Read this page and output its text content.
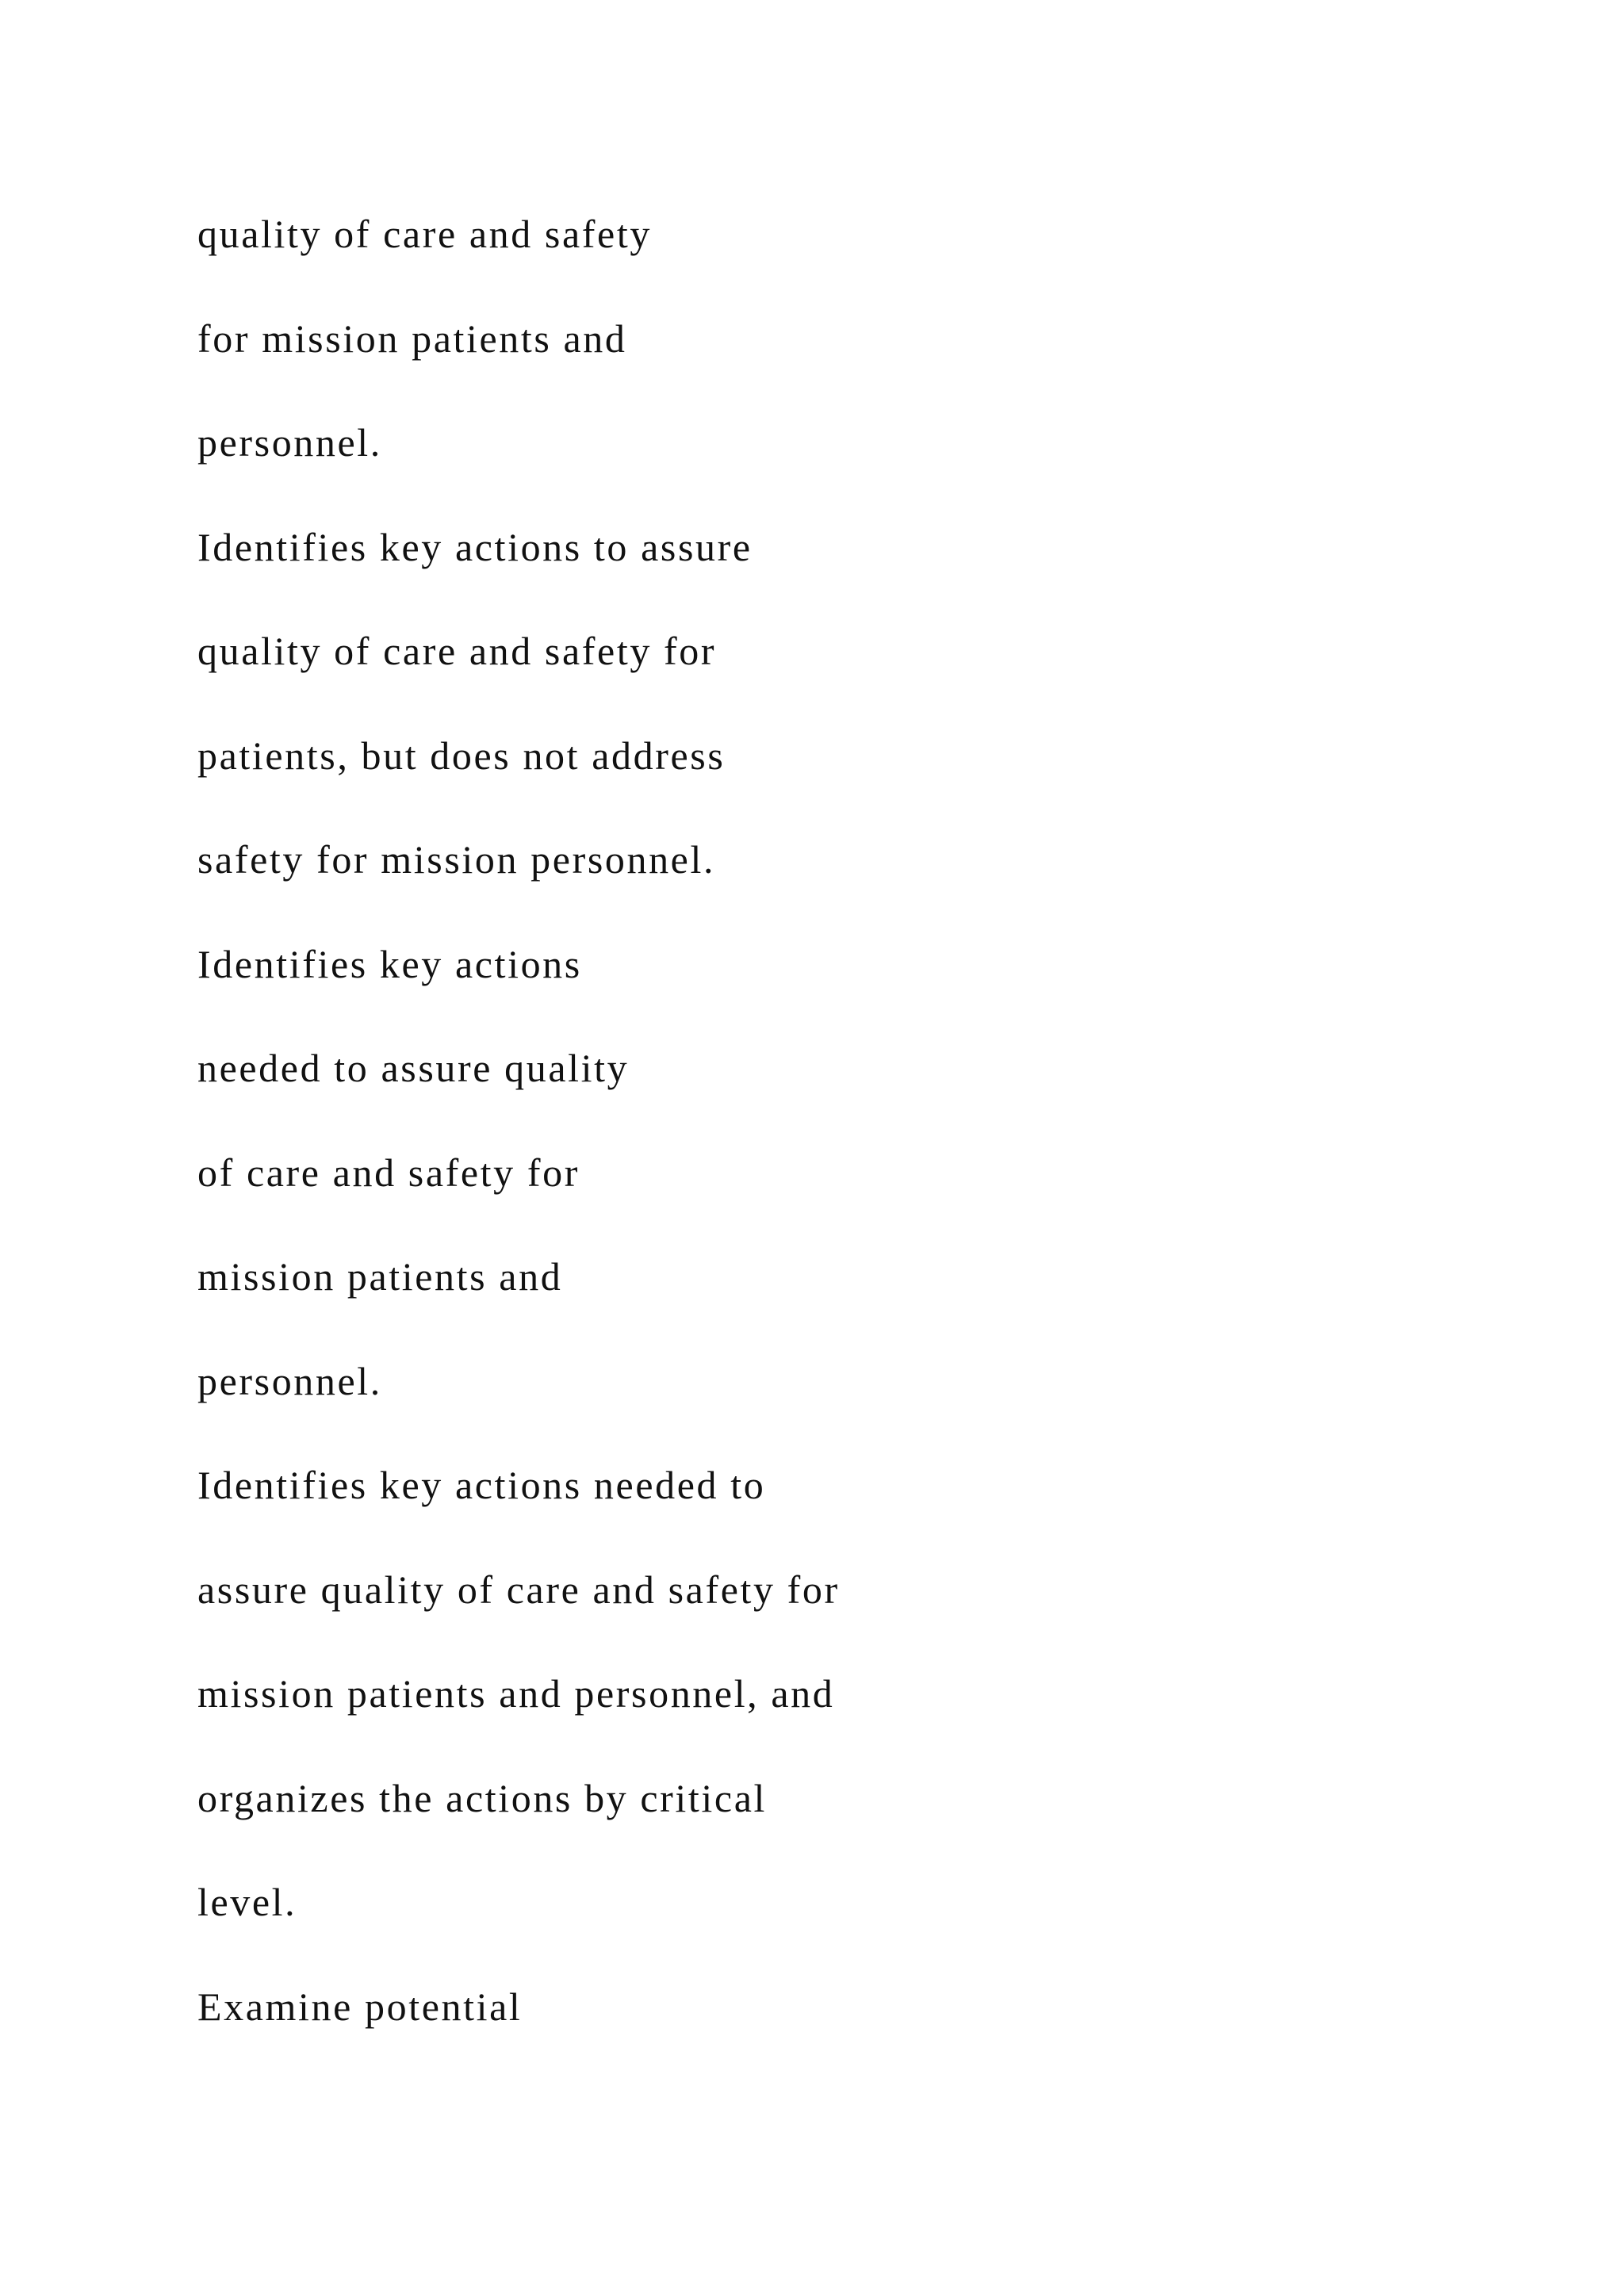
quality of care and safety

for mission patients and

personnel.

Identifies key actions to assure

quality of care and safety for

patients, but does not address

safety for mission personnel.

Identifies key actions

needed to assure quality

of care and safety for

mission patients and

personnel.

Identifies key actions needed to

assure quality of care and safety for

mission patients and personnel, and

organizes the actions by critical

level.

Examine potential
